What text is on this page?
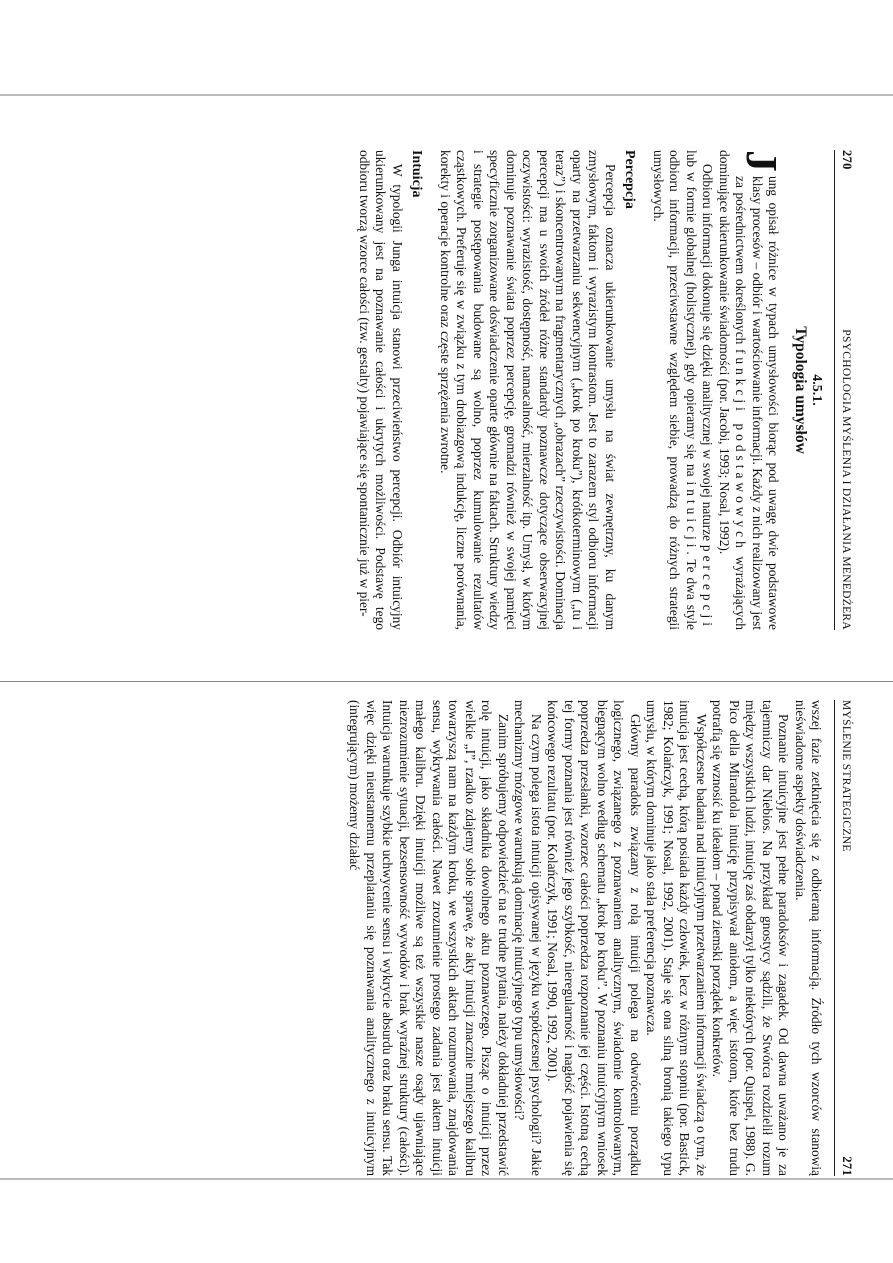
270
PSYCHOLOGIA MYŚLENIA I DZIAŁANIA MENEDŻERA
4.5.1.
Typologia umysłów

J
ung opisał różnice w typach umysłowości biorąc pod uwagę dwie podstawowe klasy procesów – odbiór i wartościowanie informacji. Każdy z nich realizowany jest za pośrednictwem określonych funkcji podstawowych wyrażających dominujące ukierunkowanie świadomości (por. Jacobi, 1993; Nosal, 1992).

Odbioru informacji dokonuje się dzięki analitycznej w swojej naturze percepcji lub w formie globalnej (holistycznej), gdy opieramy się na intuicji. Te dwa style odbioru informacji, przeciwstawne względem siebie, prowadzą do różnych strategii umysłowych.

Percepcja

Percepcja oznacza ukierunkowanie umysłu na świat zewnętrzny, ku danym zmysłowym, faktom i wyrazistym kontrastom. Jest to zarazem styl odbioru informacji oparty na przetwarzaniu sekwencyjnym („krok po kroku”), krótkoterminowym („tu i teraz”) i skoncentrowanym na fragmentarycznych „obrazach” rzeczywistości. Dominacja percepcji ma u swoich źródeł różne standardy poznawcze dotyczące obserwacyjnej oczywistości: wyrazistość, dostępność, namacalność, mierzalność itp. Umysł, w którym dominuje poznawanie świata poprzez percepcję, gromadzi również w swojej pamięci specyficznie zorganizowane doświadczenie oparte głównie na faktach. Struktury wiedzy i strategie postępowania budowane są wolno, poprzez kumulowanie rezultatów cząstkowych. Preferuje się w związku z tym drobiazgową indukcję, liczne porównania, korekty i operacje kontrolne oraz częste sprzężenia zwrotne.

Intuicja

W typologii Junga intuicja stanowi przeciwieństwo percepcji. Odbiór intuicyjny ukierunkowany jest na poznawanie całości i ukrytych możliwości. Podstawę tego odbioru tworzą wzorce całości (tzw. gestalty) pojawiające się spontanicznie już w pier-

MYŚLENIE STRATEGICZNE
271

wszej fazie zetknięcia się z odbieraną informacją. Źródło tych wzorców stanowią nieświadome aspekty doświadczenia.

Poznanie intuicyjne jest pełne paradoksów i zagadek. Od dawna uważano je za tajemniczy dar Niebios. Na przykład gnostycy sądzili, że Stwórca rozdzielił rozum między wszystkich ludzi, intuicję zaś obdarzył tylko niektórych (por. Quispel, 1988). G. Pico della Mirandola intuicję przypisywał aniołom, a więc istotom, które bez trudu potrafią się wznosić ku ideałom – ponad ziemski porządek konkretów.

Współczesne badania nad intuicyjnym przetwarzaniem informacji świadczą o tym, że intuicja jest cechą, którą posiada każdy człowiek, lecz w różnym stopniu (por. Bastick, 1982; Kolańczyk, 1991; Nosal, 1992, 2001). Staje się ona silną bronią takiego typu umysłu, w którym dominuje jako stała preferencja poznawcza.

Główny paradoks związany z rolą intuicji polega na odwróceniu porządku logicznego, związanego z poznawaniem analitycznym, świadomie kontrolowanym, biegnącym wolno według schematu „krok po kroku”. W poznaniu intuicyjnym wniosek poprzedza przesłanki, wzorzec całości poprzedza rozpoznanie jej części. Istotną cechą tej formy poznania jest również jego szybkość, nieregularność i nagłość pojawienia się końcowego rezultatu (por. Kolańczyk, 1991; Nosal, 1990, 1992, 2001).

Na czym polega istota intuicji opisywanej w języku współczesnej psychologii? Jakie mechanizmy mózgowe warunkują dominację intuicyjnego typu umysłowości?

Zanim spróbujemy odpowiedzieć na te trudne pytania, należy dokładniej przedstawić rolę intuicji, jako składnika dowolnego aktu poznawczego. Pisząc o intuicji przez wielkie „I”, rzadko zdajemy sobie sprawę, że akty intuicji znacznie mniejszego kalibru towarzyszą nam na każdym kroku, we wszystkich aktach rozumowania, znajdowania sensu, wykrywania całości. Nawet zrozumienie prostego zadania jest aktem intuicji małego kalibru. Dzięki intuicji możliwe są też wszystkie nasze osądy ujawniające niezrozumienie sytuacji, bezsensowność wywodów i brak wyraźnej struktury (całości). Intuicja warunkuje szybkie uchwycenie sensu i wykrycie absurdu oraz braku sensu. Tak więc dzięki nieustannemu przeplataniu się poznawania analitycznego z intuicyjnym (integrującym) możemy działać
